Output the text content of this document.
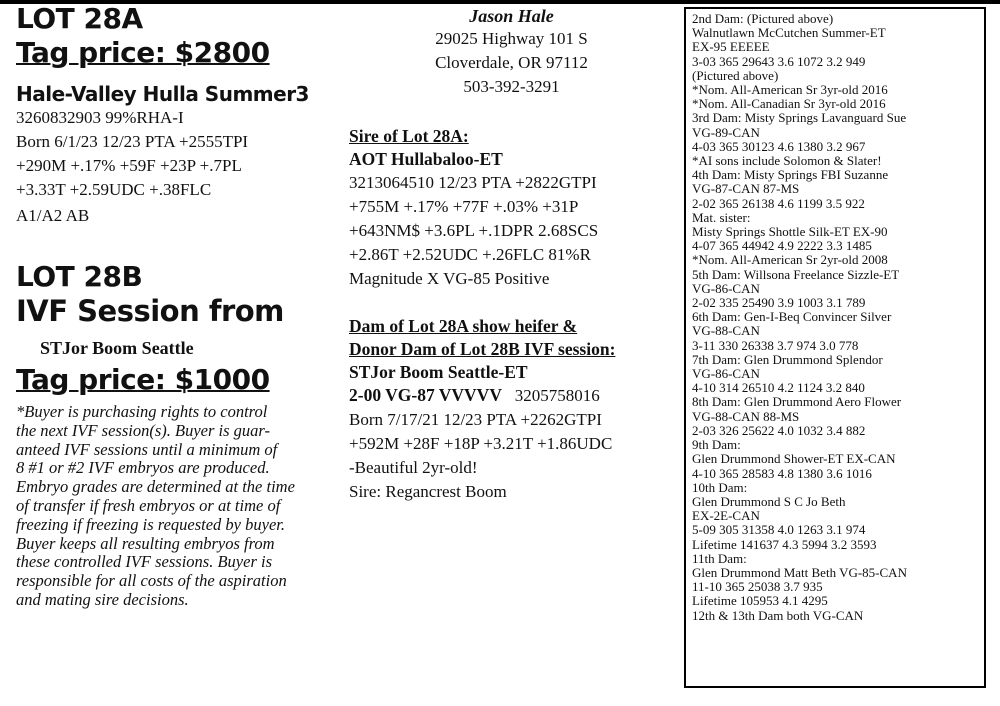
LOT 28A
Tag price: $2800
Hale-Valley Hulla Summer3
3260832903 99%RHA-I
Born 6/1/23 12/23 PTA +2555TPI
+290M +.17% +59F +23P +.7PL
+3.33T +2.59UDC +.38FLC
A1/A2 AB
LOT 28B
IVF Session from
STJor Boom Seattle
Tag price: $1000
*Buyer is purchasing rights to control
the next IVF session(s). Buyer is guar-
anteed IVF sessions until a minimum of
8 #1 or #2 IVF embryos are produced.
Embryo grades are determined at the time
of transfer if fresh embryos or at time of
freezing if freezing is requested by buyer.
Buyer keeps all resulting embryos from
these controlled IVF sessions. Buyer is
responsible for all costs of the aspiration
and mating sire decisions.
Jason Hale
29025 Highway 101 S
Cloverdale, OR 97112
503-392-3291
Sire of Lot 28A:
AOT Hullabaloo-ET
3213064510 12/23 PTA +2822GTPI
+755M +.17% +77F +.03% +31P
+643NM$ +3.6PL +.1DPR 2.68SCS
+2.86T +2.52UDC +.26FLC 81%R
Magnitude X VG-85 Positive
Dam of Lot 28A show heifer &
Donor Dam of Lot 28B IVF session:
STJor Boom Seattle-ET
2-00 VG-87 VVVVV 3205758016
Born 7/17/21 12/23 PTA +2262GTPI
+592M +28F +18P +3.21T +1.86UDC
-Beautiful 2yr-old!
Sire: Regancrest Boom
2nd Dam: (Pictured above)
Walnutlawn McCutchen Summer-ET
EX-95 EEEEE
3-03 365 29643 3.6 1072 3.2 949
(Pictured above)
*Nom. All-American Sr 3yr-old 2016
*Nom. All-Canadian Sr 3yr-old 2016
3rd Dam: Misty Springs Lavanguard Sue
VG-89-CAN
4-03 365 30123 4.6 1380 3.2 967
*AI sons include Solomon & Slater!
4th Dam: Misty Springs FBI Suzanne
VG-87-CAN 87-MS
2-02 365 26138 4.6 1199 3.5 922
Mat. sister:
Misty Springs Shottle Silk-ET EX-90
4-07 365 44942 4.9 2222 3.3 1485
*Nom. All-American Sr 2yr-old 2008
5th Dam: Willsona Freelance Sizzle-ET
VG-86-CAN
2-02 335 25490 3.9 1003 3.1 789
6th Dam: Gen-I-Beq Convincer Silver
VG-88-CAN
3-11 330 26338 3.7 974 3.0 778
7th Dam: Glen Drummond Splendor
VG-86-CAN
4-10 314 26510 4.2 1124 3.2 840
8th Dam: Glen Drummond Aero Flower
VG-88-CAN 88-MS
2-03 326 25622 4.0 1032 3.4 882
9th Dam:
Glen Drummond Shower-ET EX-CAN
4-10 365 28583 4.8 1380 3.6 1016
10th Dam:
Glen Drummond S C Jo Beth
EX-2E-CAN
5-09 305 31358 4.0 1263 3.1 974
Lifetime 141637 4.3 5994 3.2 3593
11th Dam:
Glen Drummond Matt Beth VG-85-CAN
11-10 365 25038 3.7 935
Lifetime 105953 4.1 4295
12th & 13th Dam both VG-CAN
